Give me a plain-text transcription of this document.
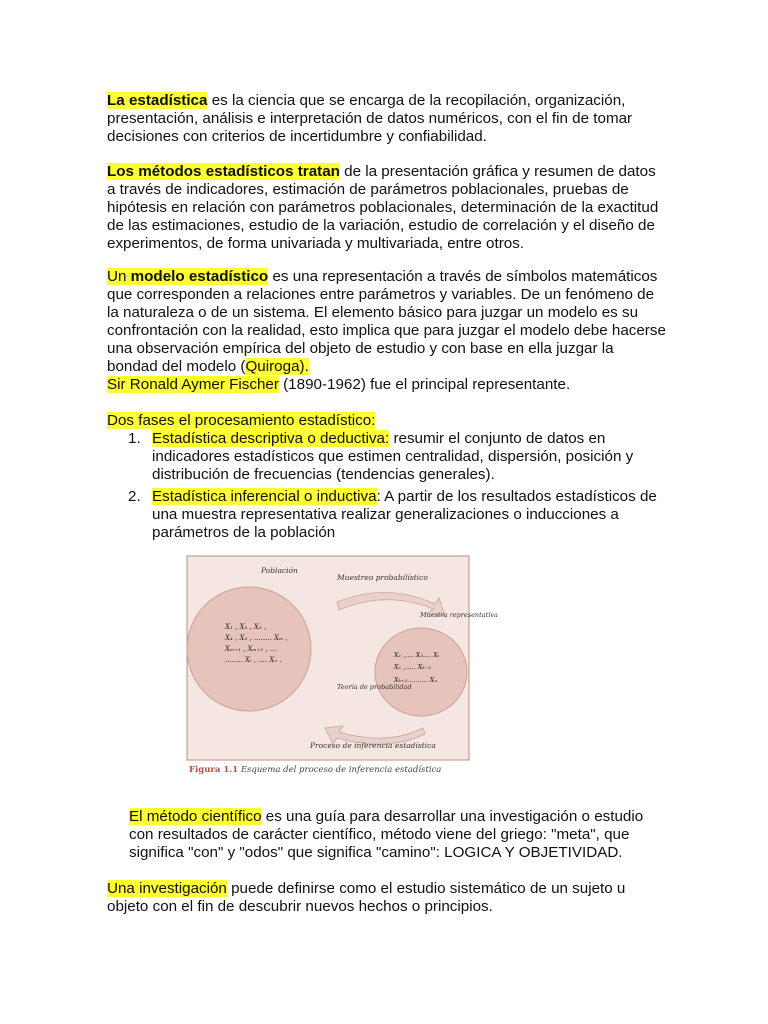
La estadística es la ciencia que se encarga de la recopilación, organización, presentación, análisis e interpretación de datos numéricos, con el fin de tomar decisiones con criterios de incertidumbre y confiabilidad.

Los métodos estadísticos tratan de la presentación gráfica y resumen de datos a través de indicadores, estimación de parámetros poblacionales, pruebas de hipótesis en relación con parámetros poblacionales, determinación de la exactitud de las estimaciones, estudio de la variación, estudio de correlación y el diseño de experimentos, de forma univariada y multivariada, entre otros.

Un modelo estadístico es una representación a través de símbolos matemáticos que corresponden a relaciones entre parámetros y variables. De un fenómeno de la naturaleza o de un sistema. El elemento básico para juzgar un modelo es su confrontación con la realidad, esto implica que para juzgar el modelo debe hacerse una observación empírica del objeto de estudio y con base en ella juzgar la bondad del modelo (Quiroga).
Sir Ronald Aymer Fischer (1890-1962) fue el principal representante.

Dos fases el procesamiento estadístico:

1. Estadística descriptiva o deductiva: resumir el conjunto de datos en indicadores estadísticos que estimen centralidad, dispersión, posición y distribución de frecuencias (tendencias generales).
2. Estadística inferencial o inductiva: A partir de los resultados estadísticos de una muestra representativa realizar generalizaciones o inducciones a parámetros de la población
Población
Muestreo probabilístico
Muestra representativa
Teoría de probabilidad
Proceso de inferencia estadística
X₁ , X₂ , X₃ ,
X₄ , X₅ , ........ Xₘ ,
Xₘ₊₁ , Xₘ₊₂ , ...
........ Xᵢ , .... Xₙ .
X₁ ,.... X₃.... Xᵢ
X₁ ,..... Xₖ₋₂
Xₖ₊₂.......... Xₙ
Figura 1.1 Esquema del proceso de inferencia estadística

El método científico es una guía para desarrollar una investigación o estudio con resultados de carácter científico, método viene del griego: "meta", que significa "con" y "odos" que significa "camino": LOGICA Y OBJETIVIDAD.

Una investigación puede definirse como el estudio sistemático de un sujeto u objeto con el fin de descubrir nuevos hechos o principios.
